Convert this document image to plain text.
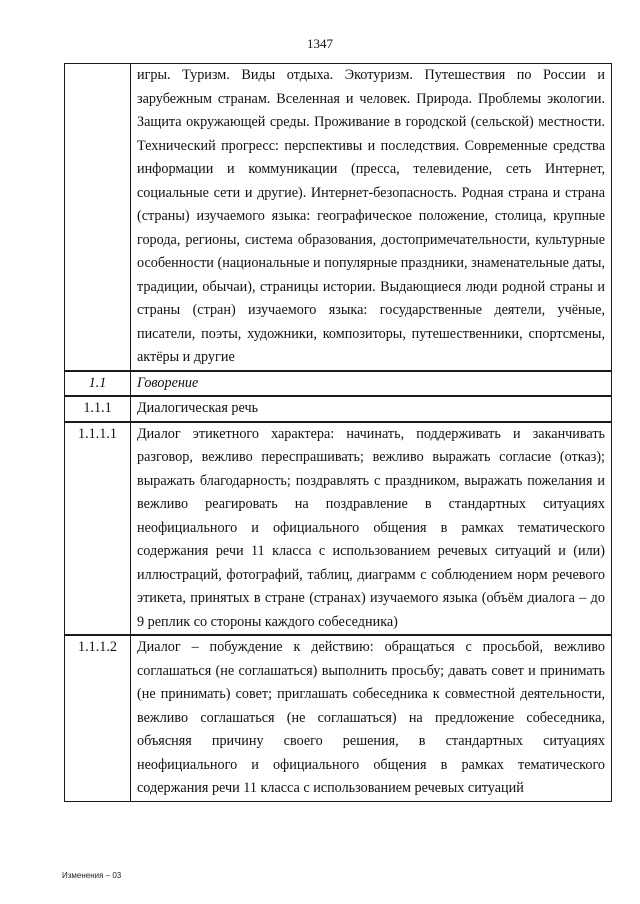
1347
	игры. Туризм. Виды отдыха. Экотуризм. Путешествия по России и зарубежным странам. Вселенная и человек. Природа. Проблемы экологии. Защита окружающей среды. Проживание в городской (сельской) местности. Технический прогресс: перспективы и последствия. Современные средства информации и коммуникации (пресса, телевидение, сеть Интернет, социальные сети и другие). Интернет-безопасность. Родная страна и страна (страны) изучаемого языка: географическое положение, столица, крупные города, регионы, система образования, достопримечательности, культурные особенности (национальные и популярные праздники, знаменательные даты, традиции, обычаи), страницы истории. Выдающиеся люди родной страны и страны (стран) изучаемого языка: государственные деятели, учёные, писатели, поэты, художники, композиторы, путешественники, спортсмены, актёры и другие
1.1	Говорение
1.1.1	Диалогическая речь
1.1.1.1	Диалог этикетного характера: начинать, поддерживать и заканчивать разговор, вежливо переспрашивать; вежливо выражать согласие (отказ); выражать благодарность; поздравлять с праздником, выражать пожелания и вежливо реагировать на поздравление в стандартных ситуациях неофициального и официального общения в рамках тематического содержания речи 11 класса с использованием речевых ситуаций и (или) иллюстраций, фотографий, таблиц, диаграмм с соблюдением норм речевого этикета, принятых в стране (странах) изучаемого языка (объём диалога – до 9 реплик со стороны каждого собеседника)
1.1.1.2	Диалог – побуждение к действию: обращаться с просьбой, вежливо соглашаться (не соглашаться) выполнить просьбу; давать совет и принимать (не принимать) совет; приглашать собеседника к совместной деятельности, вежливо соглашаться (не соглашаться) на предложение собеседника, объясняя причину своего решения, в стандартных ситуациях неофициального и официального общения в рамках тематического содержания речи 11 класса с использованием речевых ситуаций
Изменения – 03
